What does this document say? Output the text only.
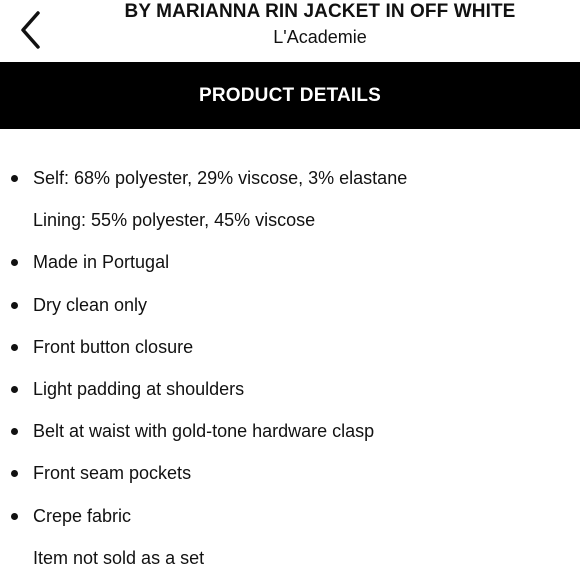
BY MARIANNA RIN JACKET IN OFF WHITE
L'Academie
PRODUCT DETAILS
Self: 68% polyester, 29% viscose, 3% elastane
Lining: 55% polyester, 45% viscose
Made in Portugal
Dry clean only
Front button closure
Light padding at shoulders
Belt at waist with gold-tone hardware clasp
Front seam pockets
Crepe fabric
Item not sold as a set
